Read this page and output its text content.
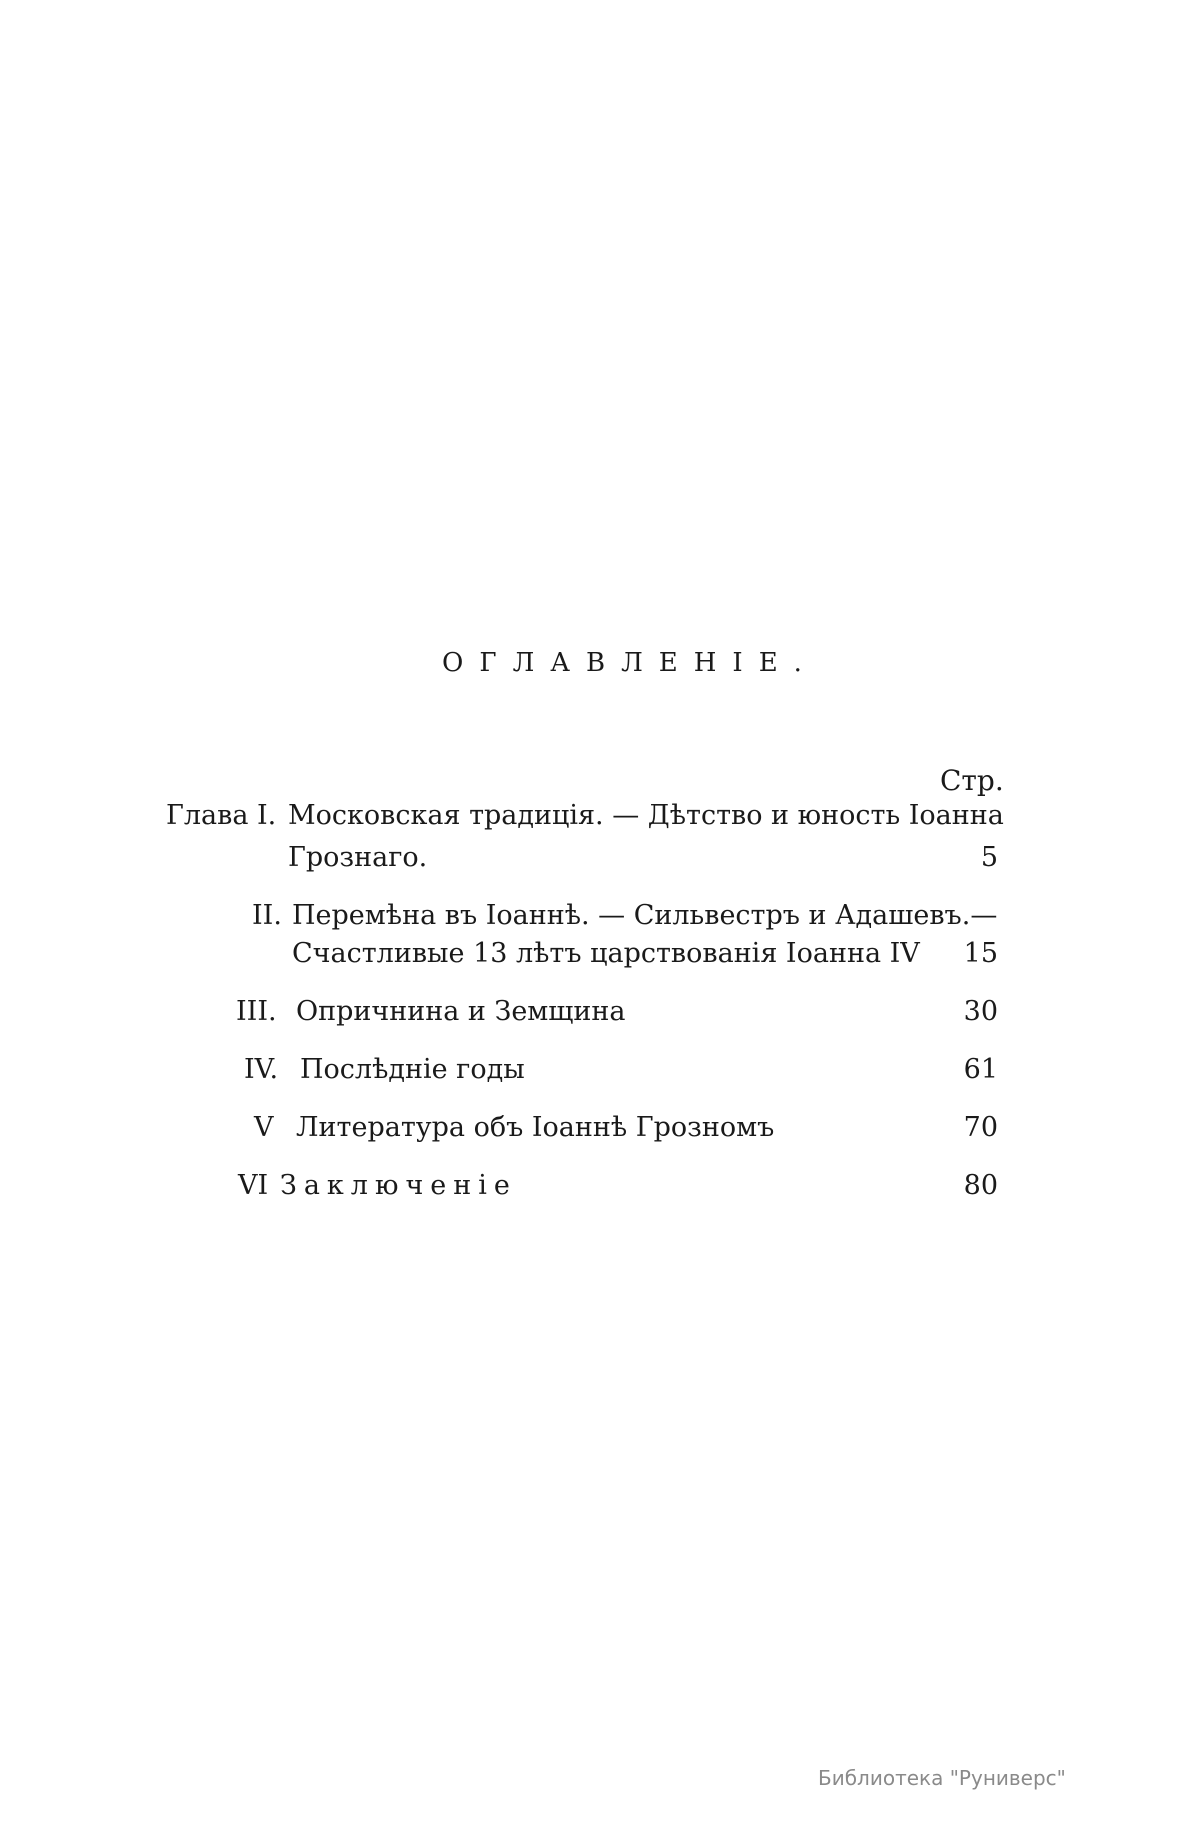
ОГЛАВЛЕНІЕ.
Стр.
Глава I. Московская традиція. — Дѣтство и юность Іоанна
Грознаго.	5
II. Перемѣна въ Іоаннѣ. — Сильвестръ и Адашевъ.—
Счастливые 13 лѣтъ царствованія Іоанна IV	15
III. Опричнина и Земщина	30
IV. Послѣдніе годы	61
V Литература объ Іоаннѣ Грозномъ	70
VI Заключеніе	80
Библиотека "Руниверс"
